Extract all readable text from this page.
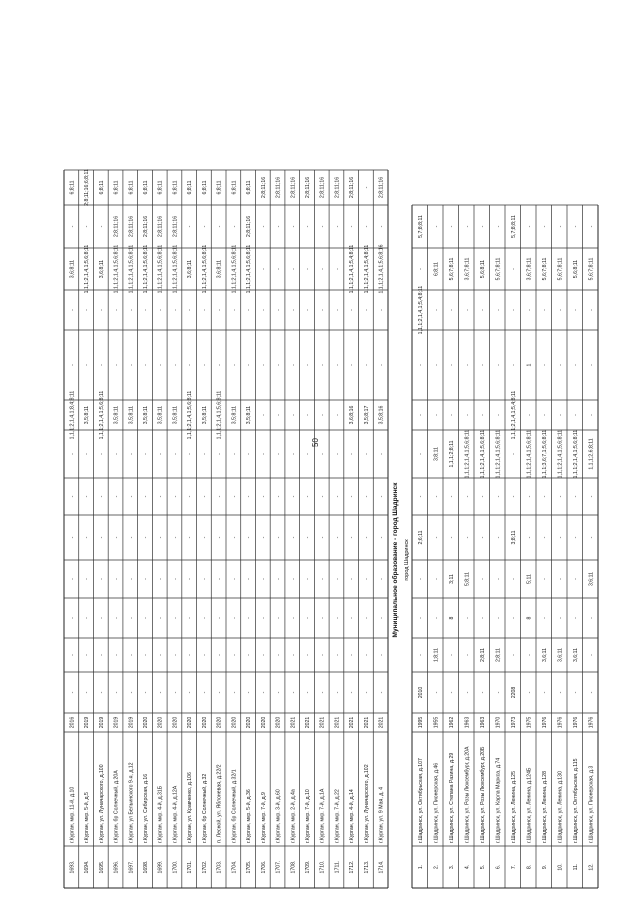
50
Муниципальное образование - город Шадринск город Шадринск
1693.
г.Курган, мкр. 11-й, д.10
2016
-
-
-
-
-
-
-
1,1,1;2,1,4,1;8,4;8;11
-
-
3,6;8;11
-
6;8;11
1694.
г.Курган, мкр. 5-й, д.5
2019
-
-
-
-
-
-
-
3,5;8;11
-
-
1,1,1;2,1,4,1;5,6;8;11
-
2;8;11;16;6;8;11
1695.
г.Курган, ул. Луначарского, д.100
2019
-
-
-
-
-
-
-
1,1,1;2,1,4,1;5,6;8;11
-
-
3,6;8;11
-
6;8;11
1696.
г.Курган, бр Солнечный, д.20А
2019
-
-
-
-
-
-
-
3,5;8;11
-
-
1,1,1;2,1,4,1;5,6;8;11
2;8;11;16
6;8;11
1697.
г.Курган, ул Бельинского 9-я, д.12
2019
-
-
-
-
-
-
-
3,5;8;11
-
-
1,1,1;2,1,4,1;5,6;8;11
2;8;11;16
6;8;11
1698.
г.Курган, ул. Сибирская, д.16
2020
-
-
-
-
-
-
-
3,5;8;11
-
-
1,1,1;2,1,4,1;5,6;8;11
2;8;11;16
6;8;11
1699.
г.Курган, мкр. 4-й, д.31Б
2020
-
-
-
-
-
-
-
3,5;8;11
-
-
1,1,1;2,1,4,1;5,6;8;11
2;8;11;16
6;8;11
1700.
г.Курган, мкр. 4-й, д.12А
2020
-
-
-
-
-
-
-
3,5;8;11
-
-
1,1,1;2,1,4,1;5,6;8;11
2;8;11;16
6;8;11
1701.
г.Курган, ул. Кравченко, д.106
2020
-
-
-
-
-
-
-
1,1,1;2,1,4,1;5,6;8;11
-
-
3,6;8;11
-
6;8;11
1702.
г.Курган, бр Солнечный, д.32
2020
-
-
-
-
-
-
-
3,5;8;11
-
-
1,1,1;2,1,4,1;5,6;8;11
-
6;8;11
1703.
п. Лесной, ул. Яблоневая, д.22/2
2020
-
-
-
-
-
-
-
1,1,1;2,1,4,1;5,6;8;11
-
-
3,6;8;11
-
6;8;11
1704.
г.Курган, бр Солнечный, д.32/1
2020
-
-
-
-
-
-
-
3,5;8;11
-
-
1,1,1;2,1,4,1;5,6;8;11
-
6;8;11
1705.
г.Курган, мкр. 5-й, д.36
2020
-
-
-
-
-
-
-
3,5;8;11
-
-
1,1,1;2,1,4,1;5,6;8;11
2;8;11;16
6;8;11
1706.
г.Курган, мкр. 7-й, д.9
2020
-
-
-
-
-
-
-
-
-
-
-
-
2;8;11;16
1707.
г.Курган, мкр. 3-й, д.60
2020
-
-
-
-
-
-
-
-
-
-
-
-
2;8;11;16
1708.
г.Курган, мкр. 2-й, д.4а
2021
-
-
-
-
-
-
-
-
-
-
-
-
2;8;11;16
1709.
г.Курган, мкр. 7-й, д.10
2021
-
-
-
-
-
-
-
-
-
-
-
-
2;8;11;16
1710.
г.Курган, мкр. 7-й, д.1А
2021
-
-
-
-
-
-
-
-
-
-
-
-
2;8;11;16
1711.
г.Курган, мкр. 7-й, д.22
2021
-
-
-
-
-
-
-
-
-
-
-
-
2;8;11;16
1712.
г.Курган, мкр. 4-й, д.14
2021
-
-
-
-
-
-
-
3,6;8;16
-
-
1,1,1;2,1,4,1;5,4;8;11
-
2;8;11;16
1713.
г.Курган, ул. Луначарского, д.102
2021
-
-
-
-
-
-
-
3,5;8;17
-
-
1,1,1;2,1,4,1;5,4;8;11
-
-
1714.
г.Курган, ул. 9 Мая, д. 4
2021
-
-
-
-
-
-
-
3,5;8;16
-
-
1,1,1;2,1,4,1;5,6;8;16
-
2;8;11;16
1.
г.Шадринск, ул. Октябрьская, д.107
1995
2010
-
-
-
2;6;11
-
-
-
-
1,1,1;2,1,4,1;5,4;8;11
-
5,7;8;8;11
2.
г.Шадринск, ул. Пионерская, д.46
1955
-
1;8;11
-
-
-
-
3;8;11
-
-
-
6;8;11
-
3.
г.Шадринск, ул. Степана Разина, д.29
1962
-
-
8
3;11
-
-
1,1,1;2;8;11
-
-
-
5,6;7;8;11
-
4.
г.Шадринск, ул. Розы Люксембург, д.20А
1963
-
-
-
5;8;11
-
-
1,1,1;2,1,4,1;5,6;8;11
-
-
-
3,6;7;8;11
-
5.
г.Шадринск, ул. Розы Люксембург, д.20Б
1963
-
2;8;11
-
-
-
-
1,1,1;2,1,4,1;5,6;8;11
-
-
-
5,6;8;11
-
6.
г.Шадринск, ул. Карла Маркса, д.74
1970
-
2;8;11
-
-
-
-
1,1,1;2,1,4,1;5,6;8;11
-
-
-
5,6;7;8;11
-
7.
г.Шадринск, ул. Ленина, д.125
1973
2208
-
-
-
3;8;11
-
-
1,1,1;2,1,4,1;5,4;8;11
-
-
-
5,7;8;8;11
8.
г.Шадринск, ул. Ленина, д.124Б
1975
-
-
8
5;11
-
-
1,1,1;2,1,4,1;5,6;8;11
-
1
-
3,6;7;8;11
-
9.
г.Шадринск, ул. Ленина, д.128
1976
-
3,6;11
-
-
-
-
1,1,1;3,6;7,1;5,6;8;11
-
-
-
5,6;7;8;11
-
10.
г.Шадринск, ул. Ленина, д.130
1976
-
3,6;11
-
-
-
-
1,1,1;2,1,4,1;5,6;8;11
-
-
-
5,6;7;8;11
-
11.
г.Шадринск, ул. Октябрьская, д.115
1976
-
3,6;11
-
-
-
-
1,1,1;2,1,4,1;5,6;8;11
-
-
-
5,6;8;11
-
12.
г.Шадринск, ул. Пионерская, д.3
1976
-
-
-
3;6;11
-
-
1,1,1;2,6;8;11
-
-
-
5,6;7;8;11
-
